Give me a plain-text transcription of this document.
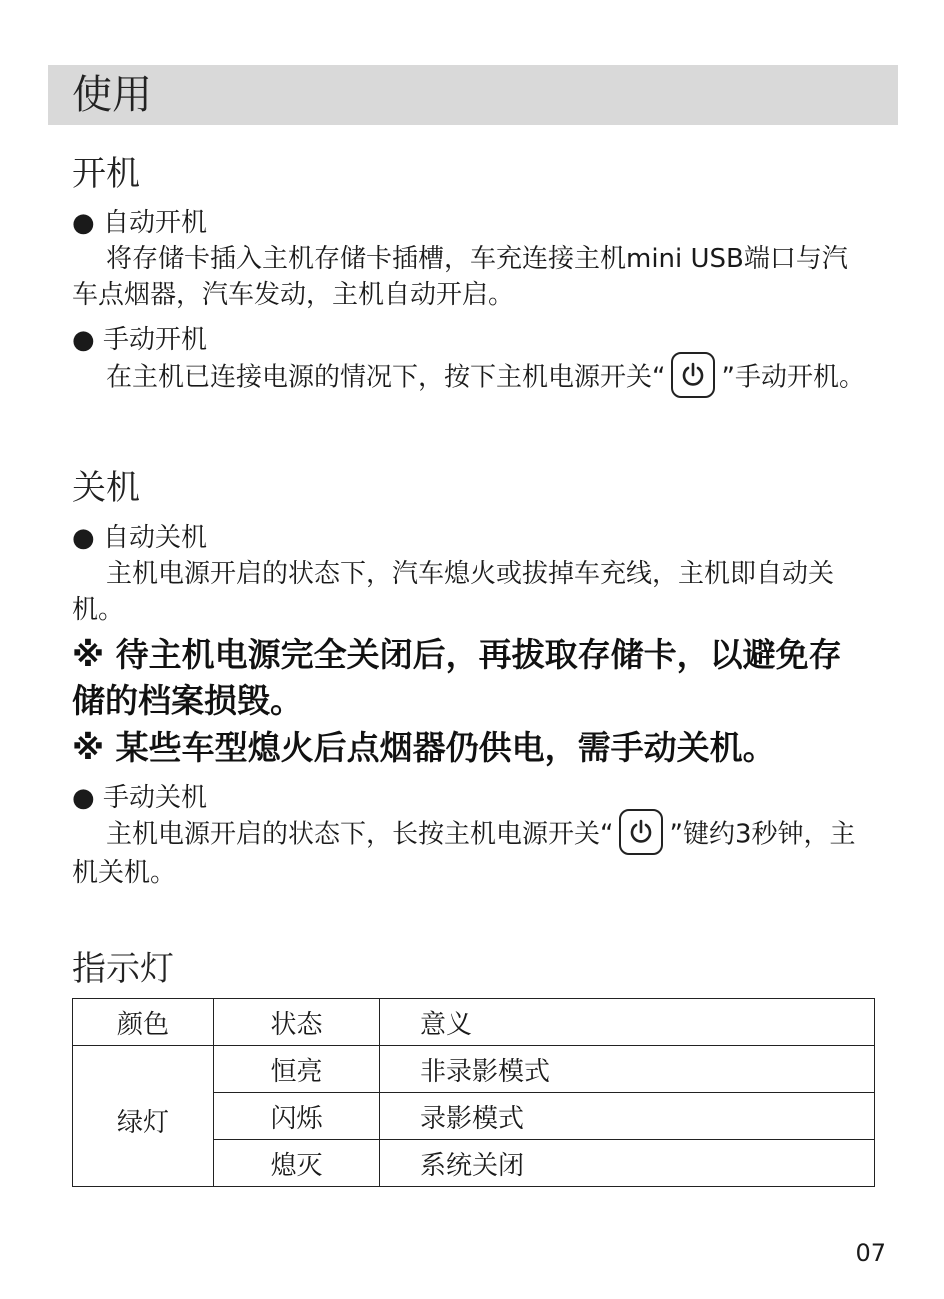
使用
开机
● 自动开机
将存储卡插入主机存储卡插槽，车充连接主机mini USB端口与汽车点烟器，汽车发动，主机自动开启。
● 手动开机
在主机已连接电源的情况下，按下主机电源开关“ ”手动开机。
关机
● 自动关机
主机电源开启的状态下，汽车熄火或拔掉车充线，主机即自动关机。
※ 待主机电源完全关闭后，再拔取存储卡，以避免存储的档案损毁。
※ 某些车型熄火后点烟器仍供电，需手动关机。
● 手动关机
主机电源开启的状态下，长按主机电源开关“ ”键约3秒钟，主机关机。
指示灯
颜色	状态	意义
绿灯	恒亮	非录影模式
	闪烁	录影模式
	熄灭	系统关闭
07
